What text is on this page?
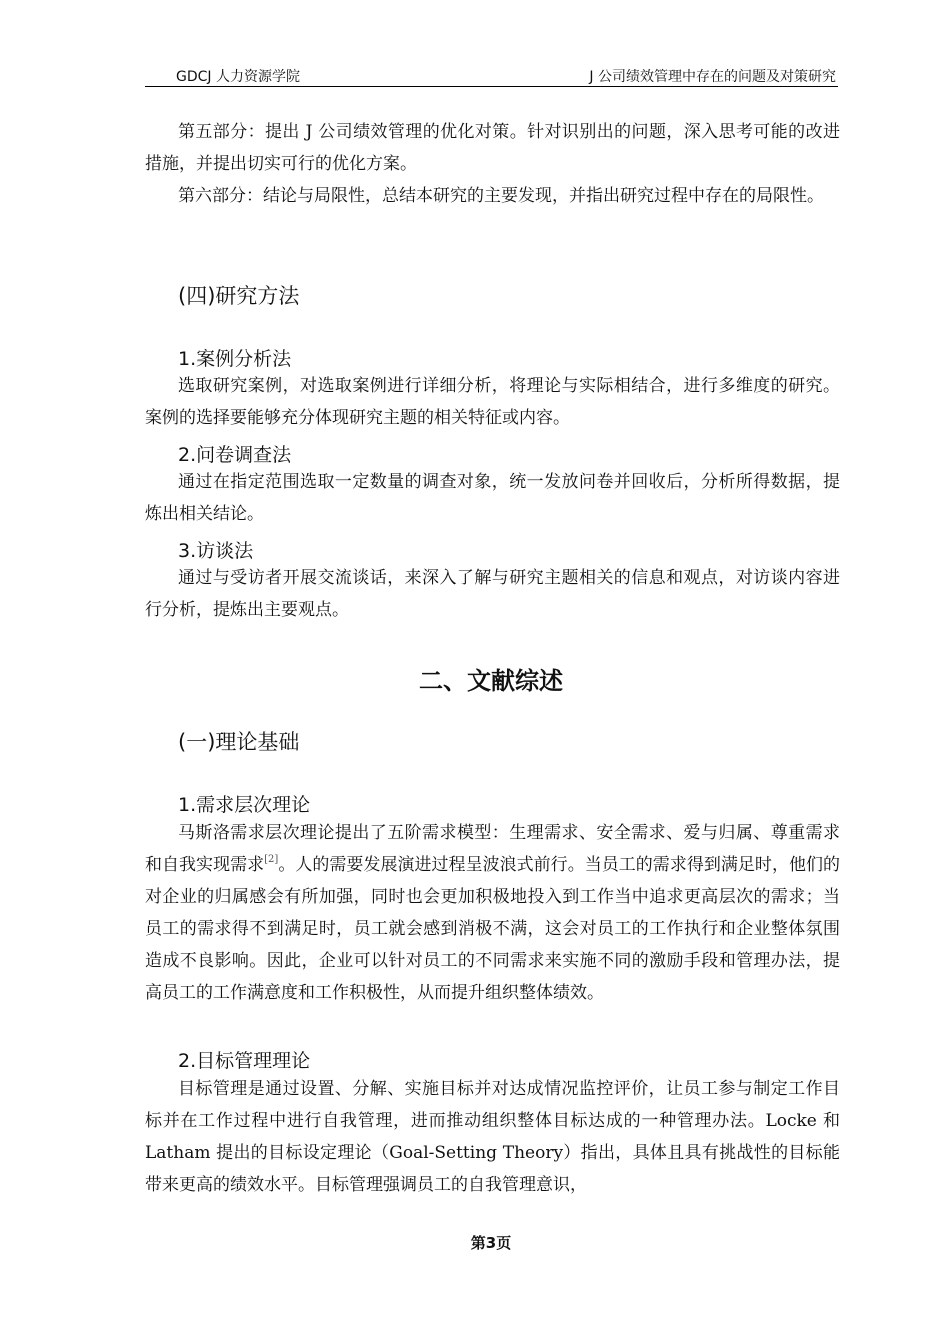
GDCJ 人力资源学院	J 公司绩效管理中存在的问题及对策研究
第五部分：提出 J 公司绩效管理的优化对策。针对识别出的问题，深入思考可能的改进措施，并提出切实可行的优化方案。
第六部分：结论与局限性，总结本研究的主要发现，并指出研究过程中存在的局限性。
(四)研究方法
1.案例分析法
选取研究案例，对选取案例进行详细分析，将理论与实际相结合，进行多维度的研究。案例的选择要能够充分体现研究主题的相关特征或内容。
2.问卷调查法
通过在指定范围选取一定数量的调查对象，统一发放问卷并回收后，分析所得数据，提炼出相关结论。
3.访谈法
通过与受访者开展交流谈话，来深入了解与研究主题相关的信息和观点，对访谈内容进行分析，提炼出主要观点。
二、文献综述
(一)理论基础
1.需求层次理论
马斯洛需求层次理论提出了五阶需求模型：生理需求、安全需求、爱与归属、尊重需求和自我实现需求[2]。人的需要发展演进过程呈波浪式前行。当员工的需求得到满足时，他们的对企业的归属感会有所加强，同时也会更加积极地投入到工作当中追求更高层次的需求；当员工的需求得不到满足时，员工就会感到消极不满，这会对员工的工作执行和企业整体氛围造成不良影响。因此，企业可以针对员工的不同需求来实施不同的激励手段和管理办法，提高员工的工作满意度和工作积极性，从而提升组织整体绩效。
2.目标管理理论
目标管理是通过设置、分解、实施目标并对达成情况监控评价，让员工参与制定工作目标并在工作过程中进行自我管理，进而推动组织整体目标达成的一种管理办法。Locke 和 Latham 提出的目标设定理论（Goal-Setting Theory）指出，具体且具有挑战性的目标能带来更高的绩效水平。目标管理强调员工的自我管理意识，
第3页
